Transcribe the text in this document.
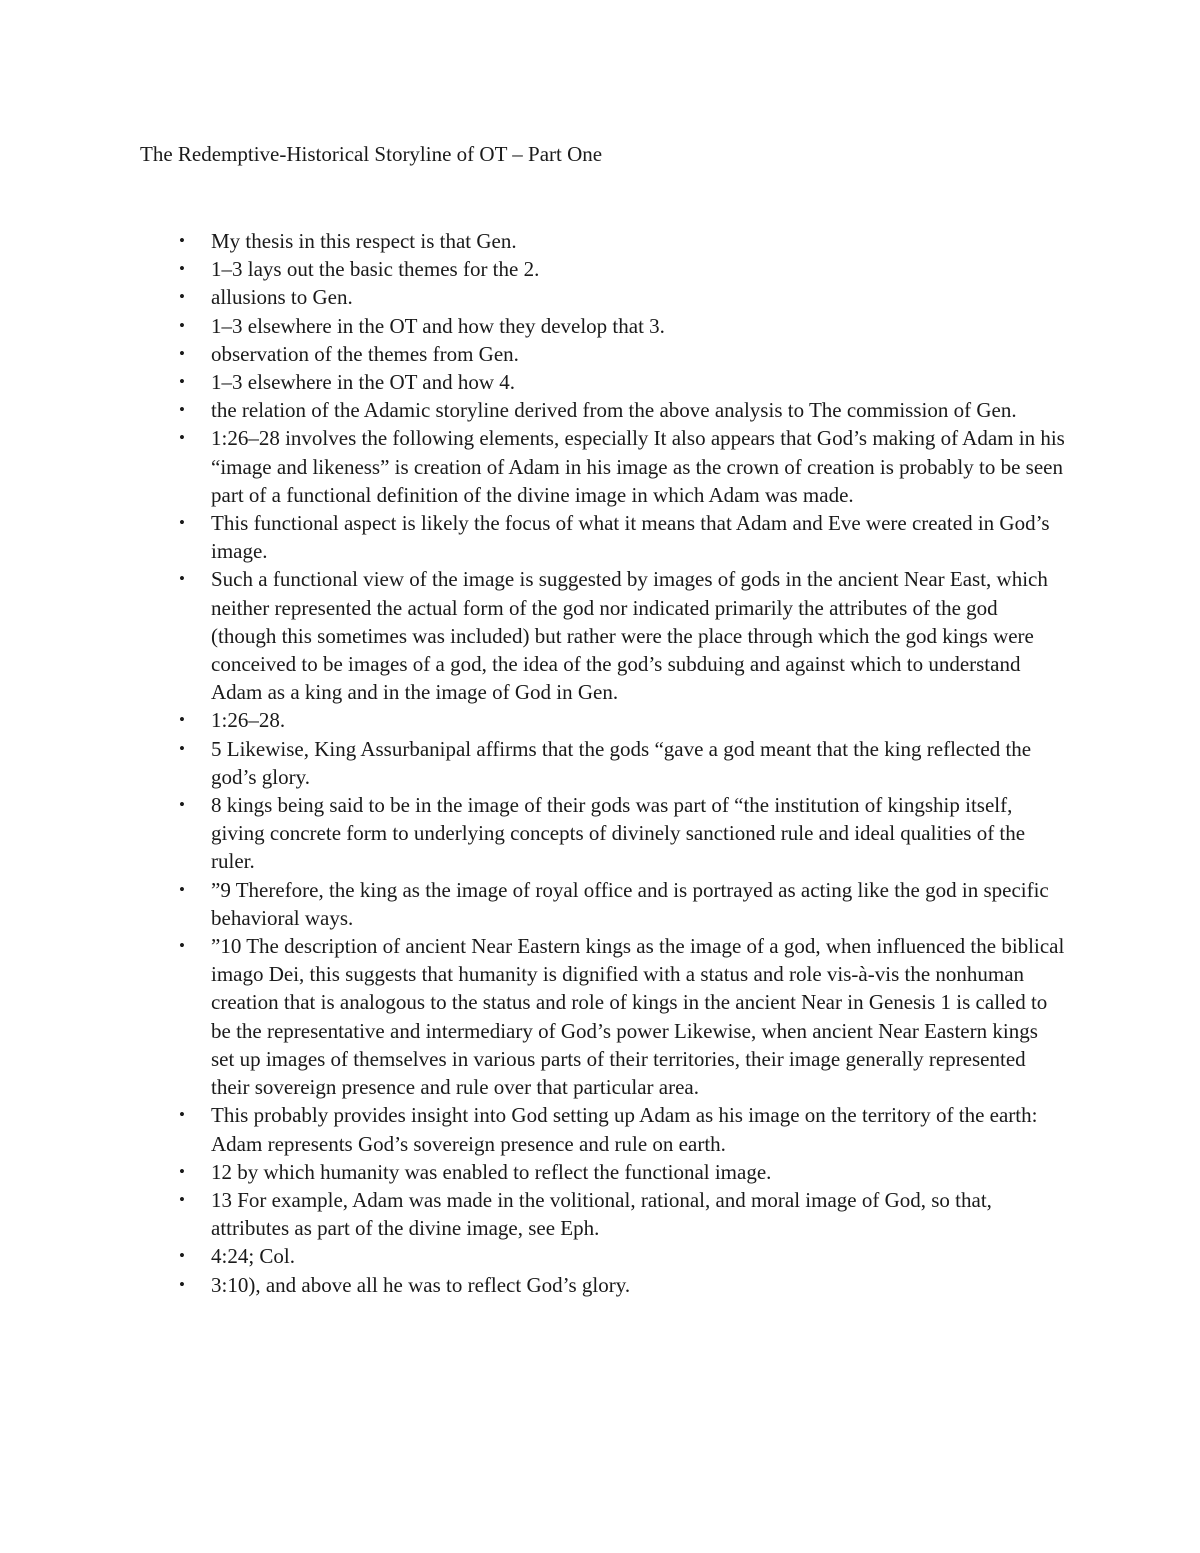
The Redemptive-Historical Storyline of OT – Part One
• My thesis in this respect is that Gen.
• 1–3 lays out the basic themes for the 2.
• allusions to Gen.
• 1–3 elsewhere in the OT and how they develop that 3.
• observation of the themes from Gen.
• 1–3 elsewhere in the OT and how 4.
• the relation of the Adamic storyline derived from the above analysis to The commission of Gen.
• 1:26–28 involves the following elements, especially It also appears that God’s making of Adam in his “image and likeness” is creation of Adam in his image as the crown of creation is probably to be seen part of a functional definition of the divine image in which Adam was made.
• This functional aspect is likely the focus of what it means that Adam and Eve were created in God’s image.
• Such a functional view of the image is suggested by images of gods in the ancient Near East, which neither represented the actual form of the god nor indicated primarily the attributes of the god (though this sometimes was included) but rather were the place through which the god kings were conceived to be images of a god, the idea of the god’s subduing and against which to understand Adam as a king and in the image of God in Gen.
• 1:26–28.
• 5 Likewise, King Assurbanipal affirms that the gods “gave a god meant that the king reflected the god’s glory.
• 8 kings being said to be in the image of their gods was part of “the institution of kingship itself, giving concrete form to underlying concepts of divinely sanctioned rule and ideal qualities of the ruler.
• ”9 Therefore, the king as the image of royal office and is portrayed as acting like the god in specific behavioral ways.
• ”10 The description of ancient Near Eastern kings as the image of a god, when influenced the biblical imago Dei, this suggests that humanity is dignified with a status and role vis-à-vis the nonhuman creation that is analogous to the status and role of kings in the ancient Near in Genesis 1 is called to be the representative and intermediary of God’s power Likewise, when ancient Near Eastern kings set up images of themselves in various parts of their territories, their image generally represented their sovereign presence and rule over that particular area.
• This probably provides insight into God setting up Adam as his image on the territory of the earth: Adam represents God’s sovereign presence and rule on earth.
• 12 by which humanity was enabled to reflect the functional image.
• 13 For example, Adam was made in the volitional, rational, and moral image of God, so that, attributes as part of the divine image, see Eph.
• 4:24; Col.
• 3:10), and above all he was to reflect God’s glory.
